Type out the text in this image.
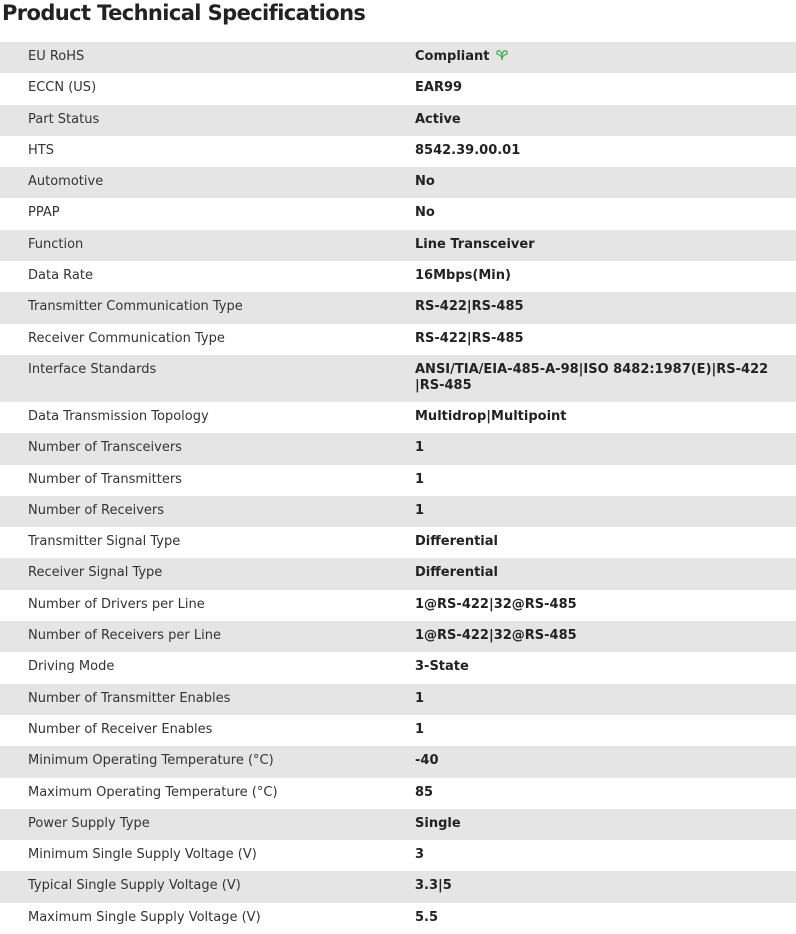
Product Technical Specifications
EU RoHS	Compliant
ECCN (US)	EAR99
Part Status	Active
HTS	8542.39.00.01
Automotive	No
PPAP	No
Function	Line Transceiver
Data Rate	16Mbps(Min)
Transmitter Communication Type	RS-422|RS-485
Receiver Communication Type	RS-422|RS-485
Interface Standards	ANSI/TIA/EIA-485-A-98|ISO 8482:1987(E)|RS-422|RS-485
Data Transmission Topology	Multidrop|Multipoint
Number of Transceivers	1
Number of Transmitters	1
Number of Receivers	1
Transmitter Signal Type	Differential
Receiver Signal Type	Differential
Number of Drivers per Line	1@RS-422|32@RS-485
Number of Receivers per Line	1@RS-422|32@RS-485
Driving Mode	3-State
Number of Transmitter Enables	1
Number of Receiver Enables	1
Minimum Operating Temperature (°C)	-40
Maximum Operating Temperature (°C)	85
Power Supply Type	Single
Minimum Single Supply Voltage (V)	3
Typical Single Supply Voltage (V)	3.3|5
Maximum Single Supply Voltage (V)	5.5
